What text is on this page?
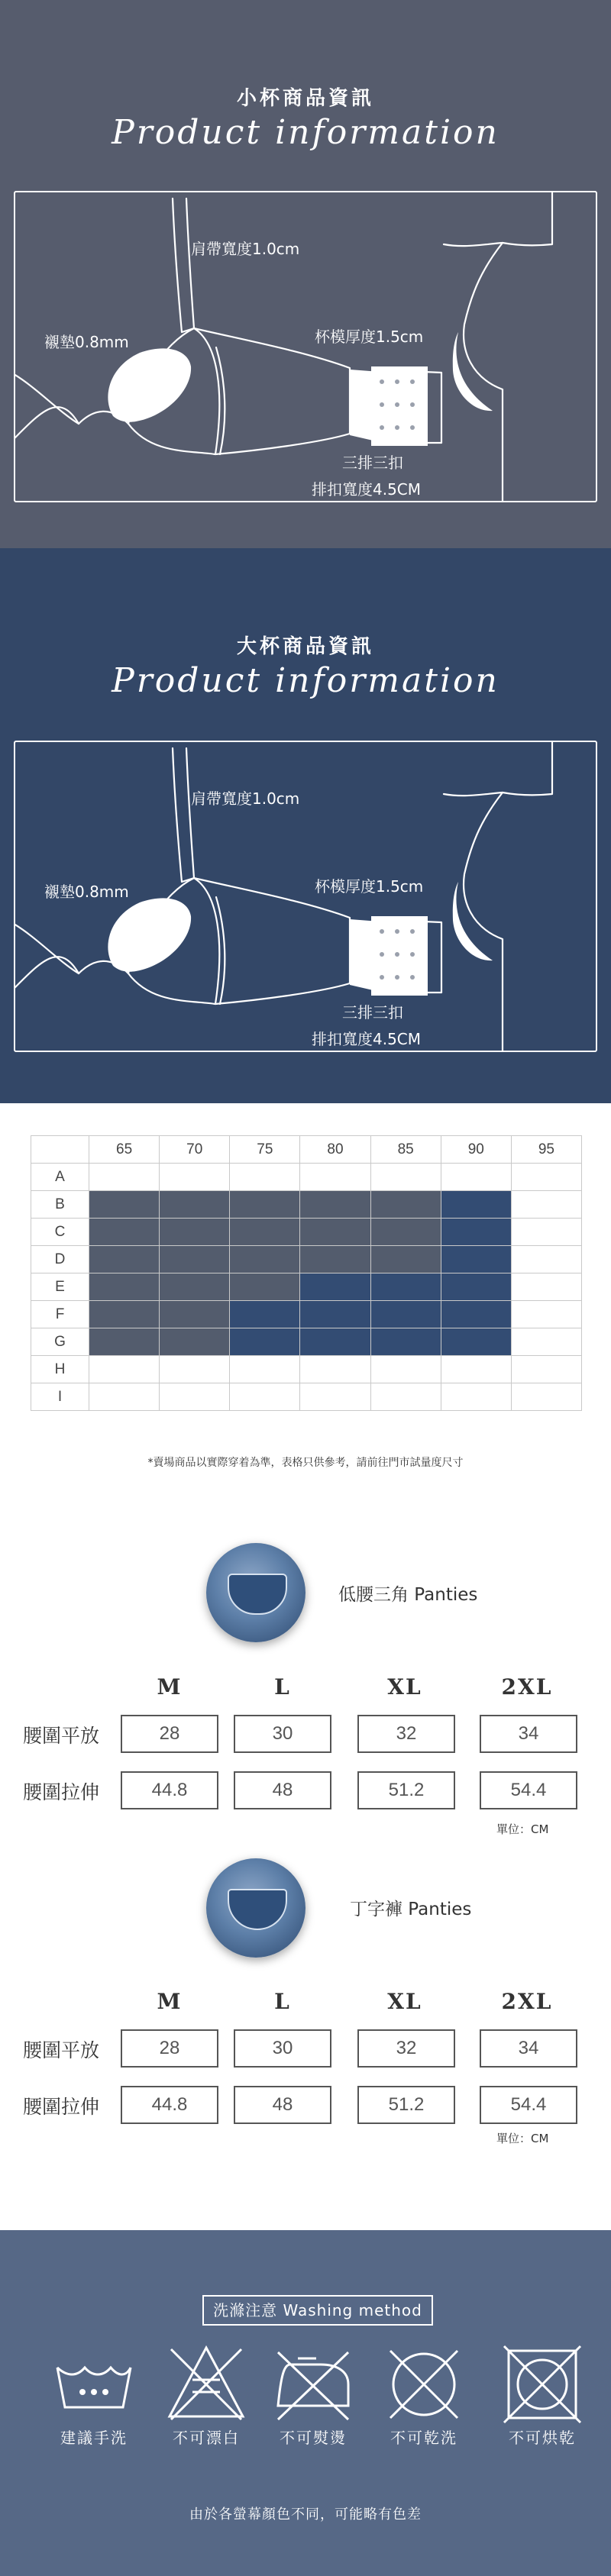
小杯商品資訊
Product information
肩帶寬度1.0cm
襯墊0.8mm	杯模厚度1.5cm
三排三扣
排扣寬度4.5CM
大杯商品資訊
Product information
肩帶寬度1.0cm
襯墊0.8mm	杯模厚度1.5cm
三排三扣
排扣寬度4.5CM
	65	70	75	80	85	90	95
A							
B							
C							
D							
E							
F							
G							
H							
I							
*賣場商品以實際穿着為準，表格只供參考，請前往門市試量度尺寸
低腰三角 Panties
M	L	XL	2XL
腰圍平放	28	30	32	34
腰圍拉伸	44.8	48	51.2	54.4
單位：CM
丁字褲 Panties
M	L	XL	2XL
腰圍平放	28	30	32	34
腰圍拉伸	44.8	48	51.2	54.4
單位：CM
洗滌注意 Washing method
建議手洗	不可漂白	不可熨燙	不可乾洗	不可烘乾
由於各螢幕顏色不同，可能略有色差
